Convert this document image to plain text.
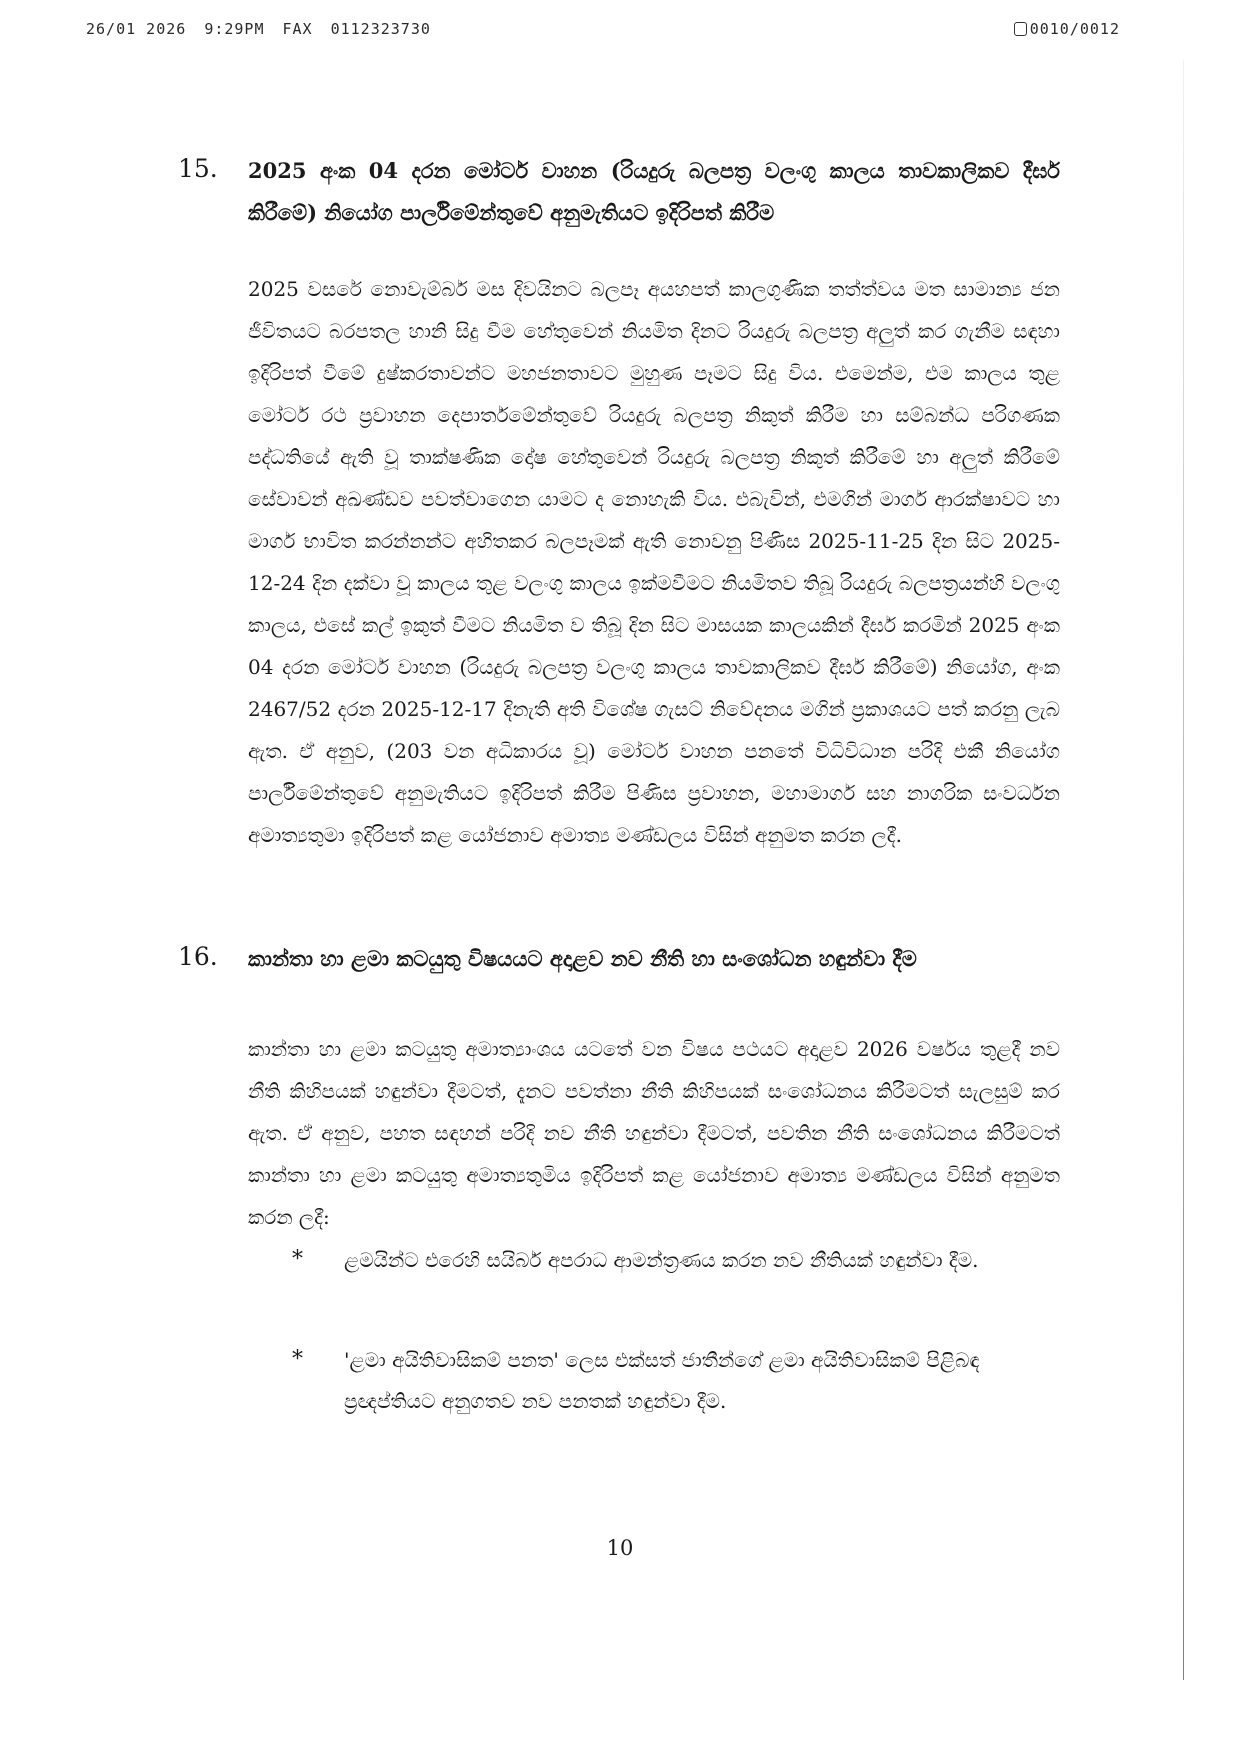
26/01 2026 9:29PM FAX 0112323730	0010/0012
15. 2025 අංක 04 දරන මෝටර් වාහන (රියදුරු බලපත්‍ර වලංගු කාලය තාවකාලිකව දීර්ඝ කිරීමේ) නියෝග පාර්ලිමේන්තුවේ අනුමැතියට ඉදිරිපත් කිරීම

2025 වසරේ නොවැම්බර් මස දිවයිනට බලපෑ අයහපත් කාලගුණික තත්ත්වය මත සාමාන්‍ය ජන ජීවිතයට බරපතල හානි සිදු වීම හේතුවෙන් නියමිත දිනට රියදුරු බලපත්‍ර අලුත් කර ගැනීම සඳහා ඉදිරිපත් වීමේ දුෂ්කරතාවන්ට මහජනතාවට මුහුණ පෑමට සිදු විය. එමෙන්ම, එම කාලය තුළ මෝටර් රථ ප්‍රවාහන දෙපාර්තමේන්තුවේ රියදුරු බලපත්‍ර නිකුත් කිරීම හා සම්බන්ධ පරිගණක පද්ධතියේ ඇති වූ තාක්ෂණික දෝෂ හේතුවෙන් රියදුරු බලපත්‍ර නිකුත් කිරීමේ හා අලුත් කිරීමේ සේවාවන් අඛණ්ඩව පවත්වාගෙන යාමට ද නොහැකි විය. එබැවින්, එමගින් මාර්ග ආරක්ෂාවට හා මාර්ග භාවිත කරන්නන්ට අහිතකර බලපෑමක් ඇති නොවනු පිණිස 2025-11-25 දින සිට 2025-12-24 දින දක්වා වූ කාලය තුළ වලංගු කාලය ඉක්මවීමට නියමිතව තිබූ රියදුරු බලපත්‍රයන්හි වලංගු කාලය, එසේ කල් ඉකුත් වීමට නියමිත ව තිබූ දින සිට මාසයක කාලයකින් දීර්ඝ කරමින් 2025 අංක 04 දරන මෝටර් වාහන (රියදුරු බලපත්‍ර වලංගු කාලය තාවකාලිකව දීර්ඝ කිරීමේ) නියෝග, අංක 2467/52 දරන 2025-12-17 දිනැති අති විශේෂ ගැසට් නිවේදනය මගින් ප්‍රකාශයට පත් කරනු ලැබ ඇත. ඒ අනුව, (203 වන අධිකාරය වූ) මෝටර් වාහන පනතේ විධිවිධාන පරිදි එකී නියෝග පාර්ලිමේන්තුවේ අනුමැතියට ඉදිරිපත් කිරීම පිණිස ප්‍රවාහන, මහාමාර්ග සහ නාගරික සංවර්ධන අමාත්‍යතුමා ඉදිරිපත් කළ යෝජනාව අමාත්‍ය මණ්ඩලය විසින් අනුමත කරන ලදී.

16. කාන්තා හා ළමා කටයුතු විෂයයට අදාළව නව නීති හා සංශෝධන හඳුන්වා දීම

කාන්තා හා ළමා කටයුතු අමාත්‍යාංශය යටතේ වන විෂය පථයට අදාළව 2026 වර්ෂය තුළදී නව නීති කිහිපයක් හඳුන්වා දීමටත්, දැනට පවත්නා නීති කිහිපයක් සංශෝධනය කිරීමටත් සැලසුම් කර ඇත. ඒ අනුව, පහත සඳහන් පරිදි නව නීති හඳුන්වා දීමටත්, පවතින නීති සංශෝධනය කිරීමටත් කාන්තා හා ළමා කටයුතු අමාත්‍යතුමිය ඉදිරිපත් කළ යෝජනාව අමාත්‍ය මණ්ඩලය විසින් අනුමත කරන ලදී:

* ළමයින්ට එරෙහි සයිබර් අපරාධ ආමන්ත්‍රණය කරන නව නීතියක් හඳුන්වා දීම.
* 'ළමා අයිතිවාසිකම් පනත' ලෙස එක්සත් ජාතීන්ගේ ළමා අයිතිවාසිකම් පිළිබඳ ප්‍රඥප්තියට අනුගතව නව පනතක් හඳුන්වා දීම.
10
